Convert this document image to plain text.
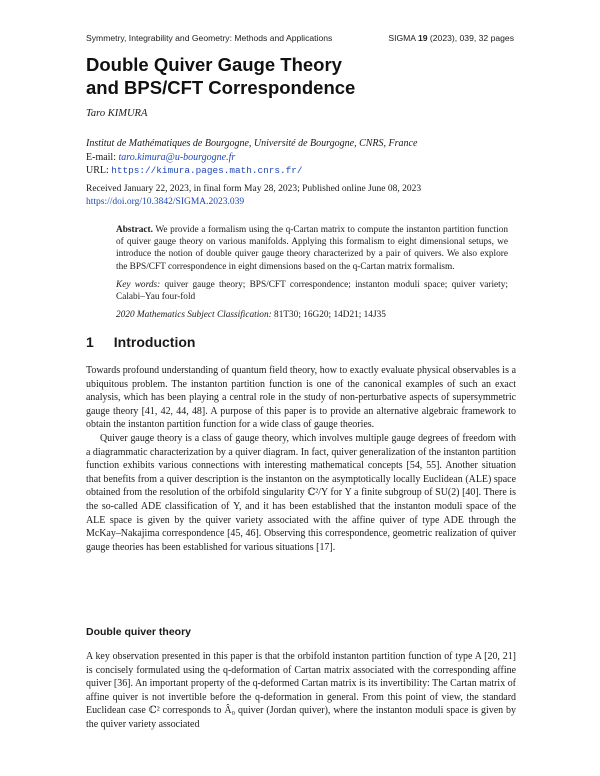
Symmetry, Integrability and Geometry: Methods and Applications	SIGMA 19 (2023), 039, 32 pages
Double Quiver Gauge Theory
and BPS/CFT Correspondence
Taro KIMURA
Institut de Mathématiques de Bourgogne, Université de Bourgogne, CNRS, France
E-mail: taro.kimura@u-bourgogne.fr
URL: https://kimura.pages.math.cnrs.fr/
Received January 22, 2023, in final form May 28, 2023; Published online June 08, 2023
https://doi.org/10.3842/SIGMA.2023.039

Abstract. We provide a formalism using the q-Cartan matrix to compute the instanton partition function of quiver gauge theory on various manifolds. Applying this formalism to eight dimensional setups, we introduce the notion of double quiver gauge theory characterized by a pair of quivers. We also explore the BPS/CFT correspondence in eight dimensions based on the q-Cartan matrix formalism.

Key words: quiver gauge theory; BPS/CFT correspondence; instanton moduli space; quiver variety; Calabi–Yau four-fold

2020 Mathematics Subject Classification: 81T30; 16G20; 14D21; 14J35

1 Introduction

Towards profound understanding of quantum field theory, how to exactly evaluate physical observables is a ubiquitous problem. The instanton partition function is one of the canonical examples of such an exact analysis, which has been playing a central role in the study of non-perturbative aspects of supersymmetric gauge theory [41, 42, 44, 48]. A purpose of this paper is to provide an alternative algebraic framework to obtain the instanton partition function for a wide class of gauge theories.

Quiver gauge theory is a class of gauge theory, which involves multiple gauge degrees of freedom with a diagrammatic characterization by a quiver diagram. In fact, quiver generalization of the instanton partition function exhibits various connections with interesting mathematical concepts [54, 55]. Another situation that benefits from a quiver description is the instanton on the asymptotically locally Euclidean (ALE) space obtained from the resolution of the orbifold singularity ℂ²/Υ for Υ a finite subgroup of SU(2) [40]. There is the so-called ADE classification of Υ, and it has been established that the instanton moduli space of the ALE space is given by the quiver variety associated with the affine quiver of type ADE through the McKay–Nakajima correspondence [45, 46]. Observing this correspondence, geometric realization of quiver gauge theories has been established for various situations [17].

Double quiver theory

A key observation presented in this paper is that the orbifold instanton partition function of type A [20, 21] is concisely formulated using the q-deformation of Cartan matrix associated with the corresponding affine quiver [36]. An important property of the q-deformed Cartan matrix is its invertibility: The Cartan matrix of affine quiver is not invertible before the q-deformation in general. From this point of view, the standard Euclidean case ℂ² corresponds to Â₀ quiver (Jordan quiver), where the instanton moduli space is given by the quiver variety associated
